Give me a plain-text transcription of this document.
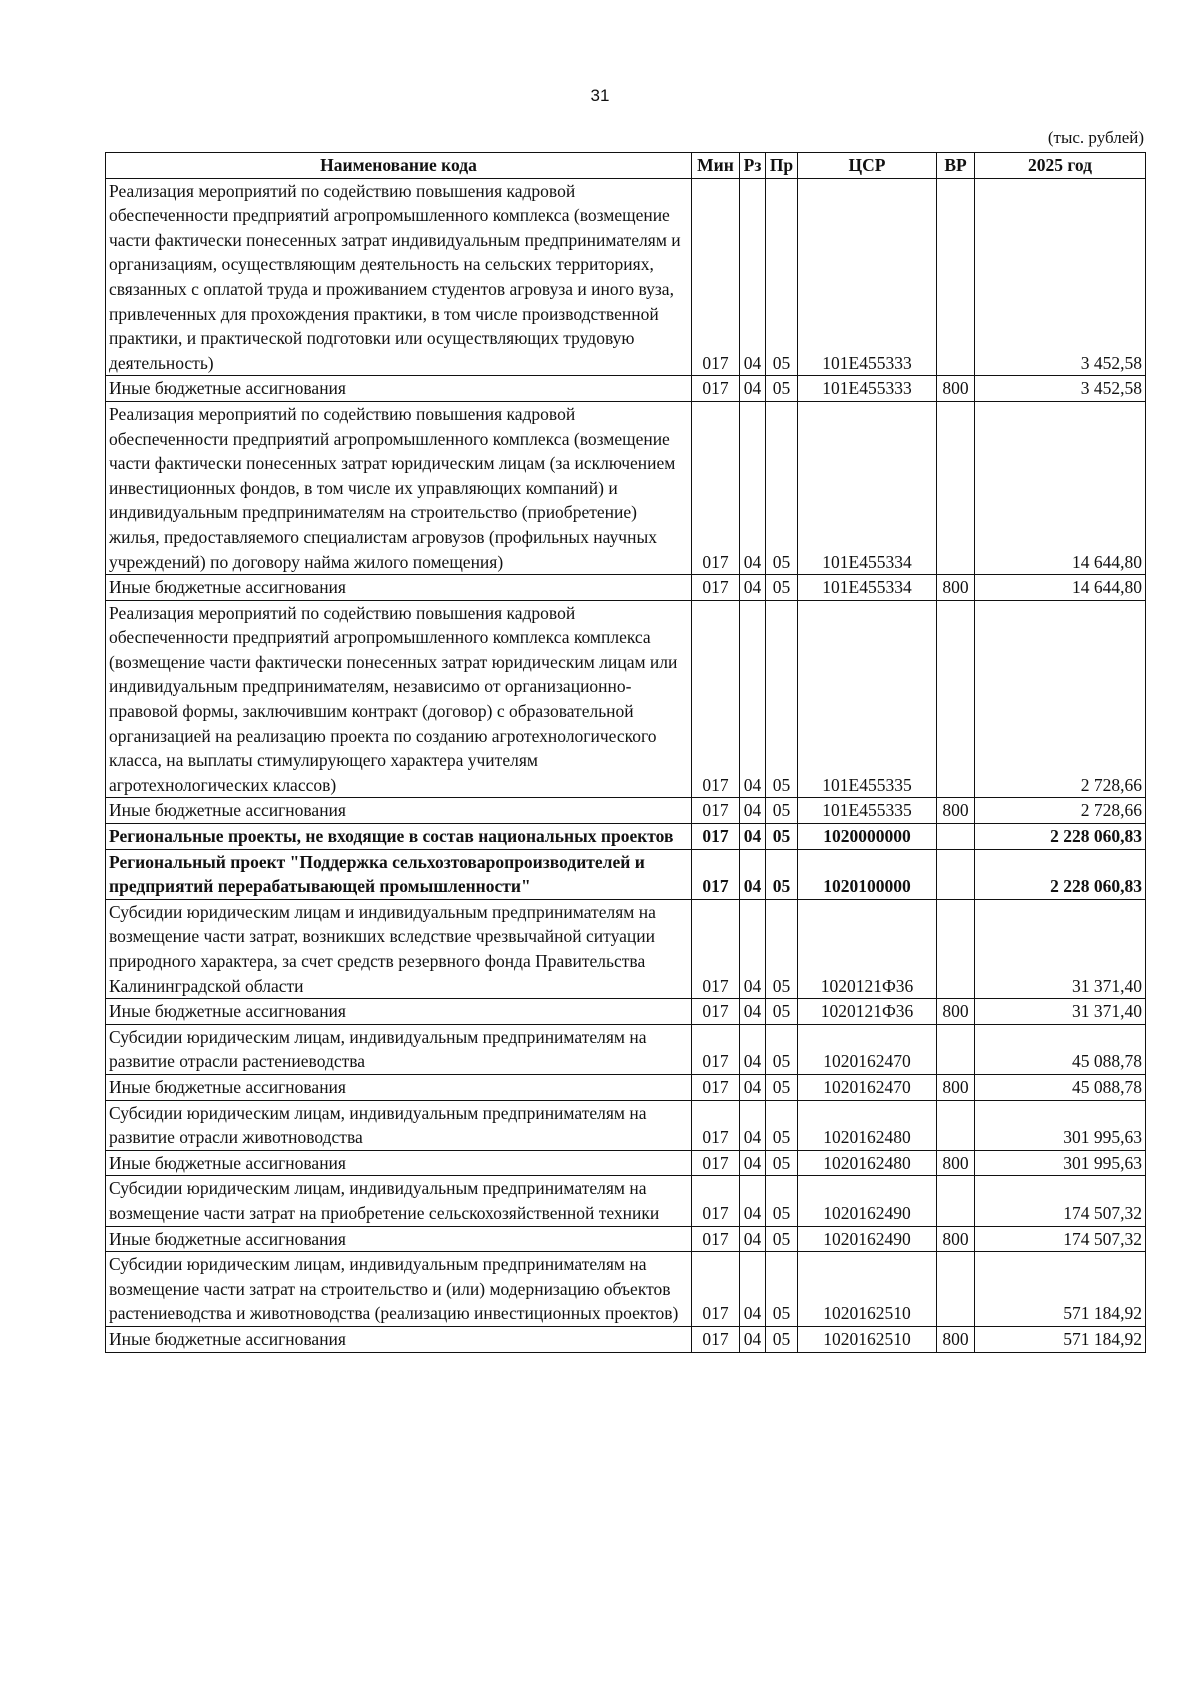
31
(тыс. рублей)
Наименование кода	Мин	Рз	Пр	ЦСР	ВР	2025 год
Реализация мероприятий по содействию повышения кадровой обеспеченности предприятий агропромышленного комплекса (возмещение части фактически понесенных затрат индивидуальным предпринимателям и организациям, осуществляющим деятельность на сельских территориях, связанных с оплатой труда и проживанием студентов агровуза и иного вуза, привлеченных для прохождения практики, в том числе производственной практики, и практической подготовки или осуществляющих трудовую деятельность)	017	04	05	101E455333		3 452,58
Иные бюджетные ассигнования	017	04	05	101E455333	800	3 452,58
Реализация мероприятий по содействию повышения кадровой обеспеченности предприятий агропромышленного комплекса (возмещение части фактически понесенных затрат юридическим лицам (за исключением инвестиционных фондов, в том числе их управляющих компаний) и индивидуальным предпринимателям на строительство (приобретение) жилья, предоставляемого специалистам агровузов (профильных научных учреждений) по договору найма жилого помещения)	017	04	05	101E455334		14 644,80
Иные бюджетные ассигнования	017	04	05	101E455334	800	14 644,80
Реализация мероприятий по содействию повышения кадровой обеспеченности предприятий агропромышленного комплекса комплекса (возмещение части фактически понесенных затрат юридическим лицам или индивидуальным предпринимателям, независимо от организационно-правовой формы, заключившим контракт (договор) с образовательной организацией на реализацию проекта по созданию агротехнологического класса, на выплаты стимулирующего характера учителям агротехнологических классов)	017	04	05	101E455335		2 728,66
Иные бюджетные ассигнования	017	04	05	101E455335	800	2 728,66
Региональные проекты, не входящие в состав национальных проектов	017	04	05	1020000000		2 228 060,83
Региональный проект "Поддержка сельхозтоваропроизводителей и предприятий перерабатывающей промышленности"	017	04	05	1020100000		2 228 060,83
Субсидии юридическим лицам и индивидуальным предпринимателям на возмещение части затрат, возникших вследствие чрезвычайной ситуации природного характера, за счет средств резервного фонда Правительства Калининградской области	017	04	05	1020121Ф36		31 371,40
Иные бюджетные ассигнования	017	04	05	1020121Ф36	800	31 371,40
Субсидии юридическим лицам, индивидуальным предпринимателям на развитие отрасли растениеводства	017	04	05	1020162470		45 088,78
Иные бюджетные ассигнования	017	04	05	1020162470	800	45 088,78
Субсидии юридическим лицам, индивидуальным предпринимателям на развитие отрасли животноводства	017	04	05	1020162480		301 995,63
Иные бюджетные ассигнования	017	04	05	1020162480	800	301 995,63
Субсидии юридическим лицам, индивидуальным предпринимателям на возмещение части затрат на приобретение сельскохозяйственной техники	017	04	05	1020162490		174 507,32
Иные бюджетные ассигнования	017	04	05	1020162490	800	174 507,32
Субсидии юридическим лицам, индивидуальным предпринимателям на возмещение части затрат на строительство и (или) модернизацию объектов растениеводства и животноводства (реализацию инвестиционных проектов)	017	04	05	1020162510		571 184,92
Иные бюджетные ассигнования	017	04	05	1020162510	800	571 184,92
